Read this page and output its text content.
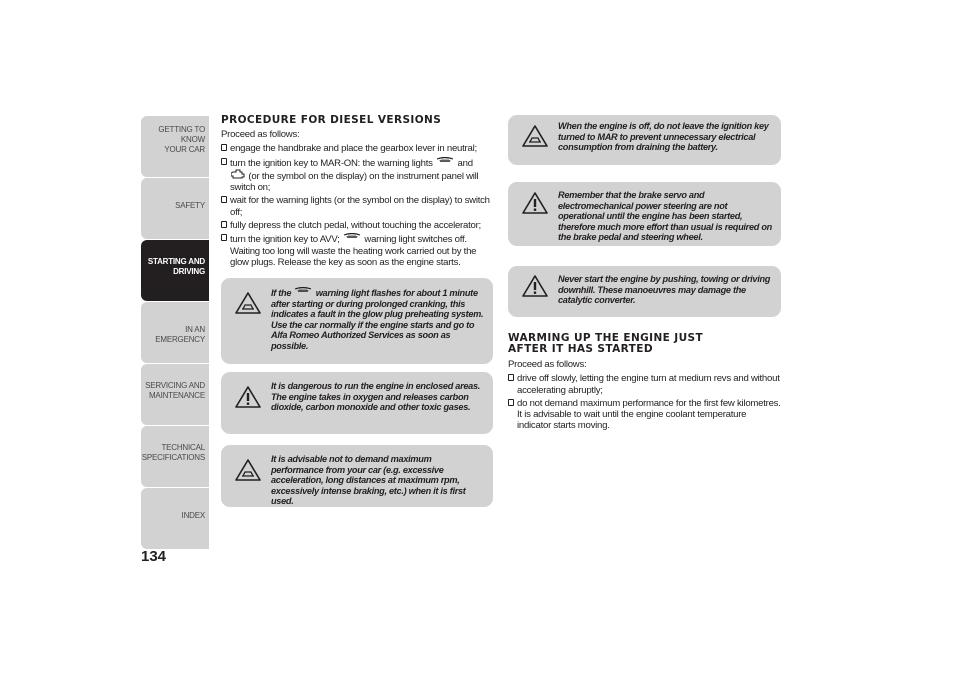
GETTING TO KNOW
YOUR CAR
SAFETY
STARTING AND
DRIVING
IN AN EMERGENCY
SERVICING AND
MAINTENANCE
TECHNICAL
SPECIFICATIONS
INDEX
134
PROCEDURE FOR DIESEL VERSIONS

Proceed as follows:

engage the handbrake and place the gearbox lever in neutral;
turn the ignition key to MAR-ON: the warning lights	and
(or the symbol on the display) on the instrument panel will switch on;
wait for the warning lights (or the symbol on the display) to switch off;
fully depress the clutch pedal, without touching the accelerator;
turn the ignition key to AVV;	warning light switches off. Waiting too long will waste the heating work carried out by the glow plugs. Release the key as soon as the engine starts.
If the	warning light flashes for about 1 minute after starting or during prolonged cranking, this indicates a fault in the glow plug preheating system. Use the car normally if the engine starts and go to Alfa Romeo Authorized Services as soon as possible.
It is dangerous to run the engine in enclosed areas. The engine takes in oxygen and releases carbon dioxide, carbon monoxide and other toxic gases.
It is advisable not to demand maximum performance from your car (e.g. excessive acceleration, long distances at maximum rpm, excessively intense braking, etc.) when it is first used.
When the engine is off, do not leave the ignition key turned to MAR to prevent unnecessary electrical consumption from draining the battery.
Remember that the brake servo and electromechanical power steering are not operational until the engine has been started, therefore much more effort than usual is required on the brake pedal and steering wheel.
Never start the engine by pushing, towing or driving downhill. These manoeuvres may damage the catalytic converter.
WARMING UP THE ENGINE JUST
AFTER IT HAS STARTED

Proceed as follows:

drive off slowly, letting the engine turn at medium revs and without accelerating abruptly;
do not demand maximum performance for the first few kilometres. It is advisable to wait until the engine coolant temperature indicator starts moving.
